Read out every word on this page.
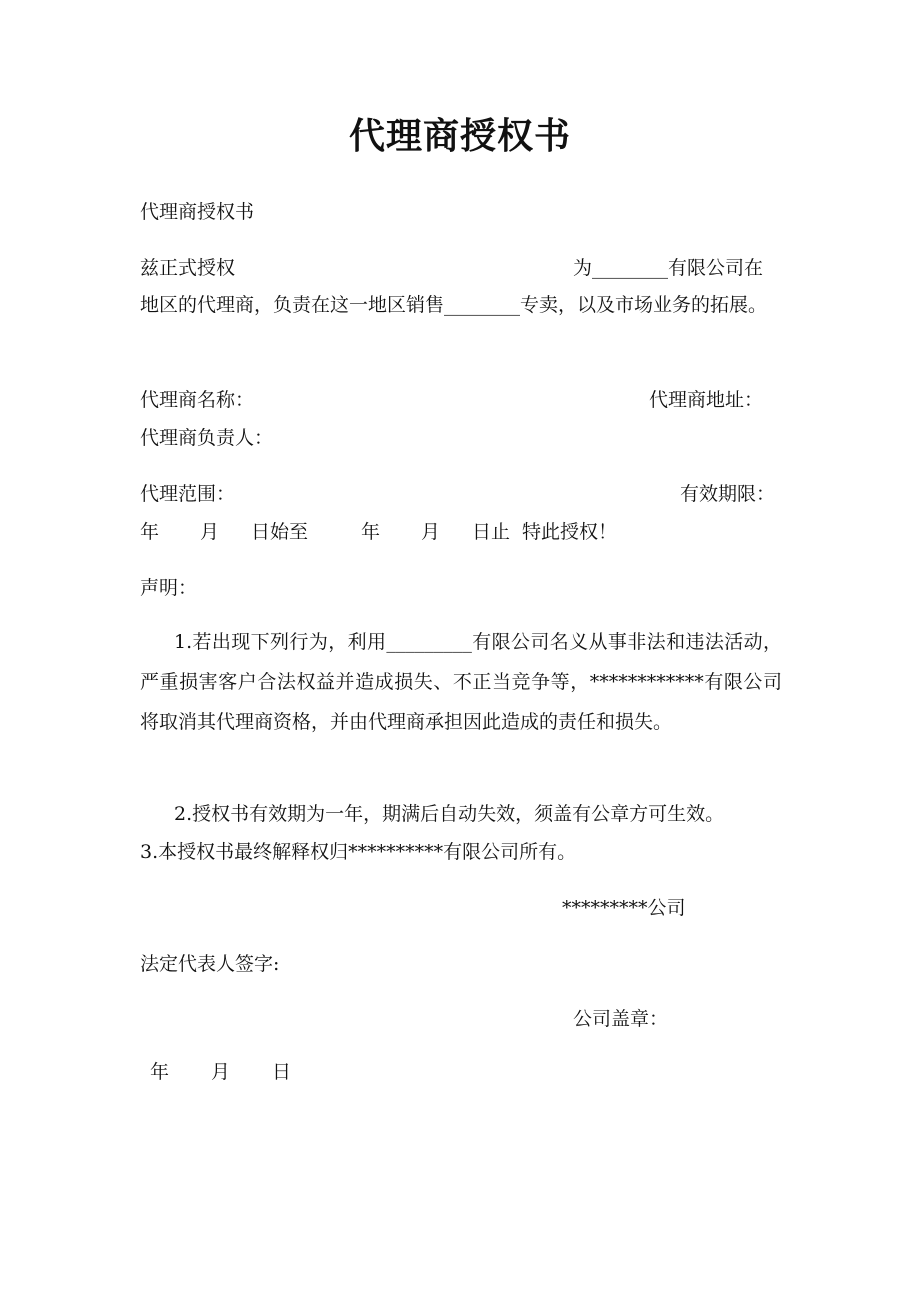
代理商授权书
代理商授权书
兹正式授权	为________有限公司在
地区的代理商，负责在这一地区销售________专卖，以及市场业务的拓展。
代理商名称：	代理商地址：
代理商负责人：
代理范围：	有效期限：
年 月 日始至	年 月 日止 特此授权！
声明：
1.若出现下列行为，利用_________有限公司名义从事非法和违法活动，严重损害客户合法权益并造成损失、不正当竞争等，************有限公司将取消其代理商资格，并由代理商承担因此造成的责任和损失。
2.授权书有效期为一年，期满后自动失效，须盖有公章方可生效。
3.本授权书最终解释权归**********有限公司所有。
*********公司
法定代表人签字:
公司盖章：
年 月 日
